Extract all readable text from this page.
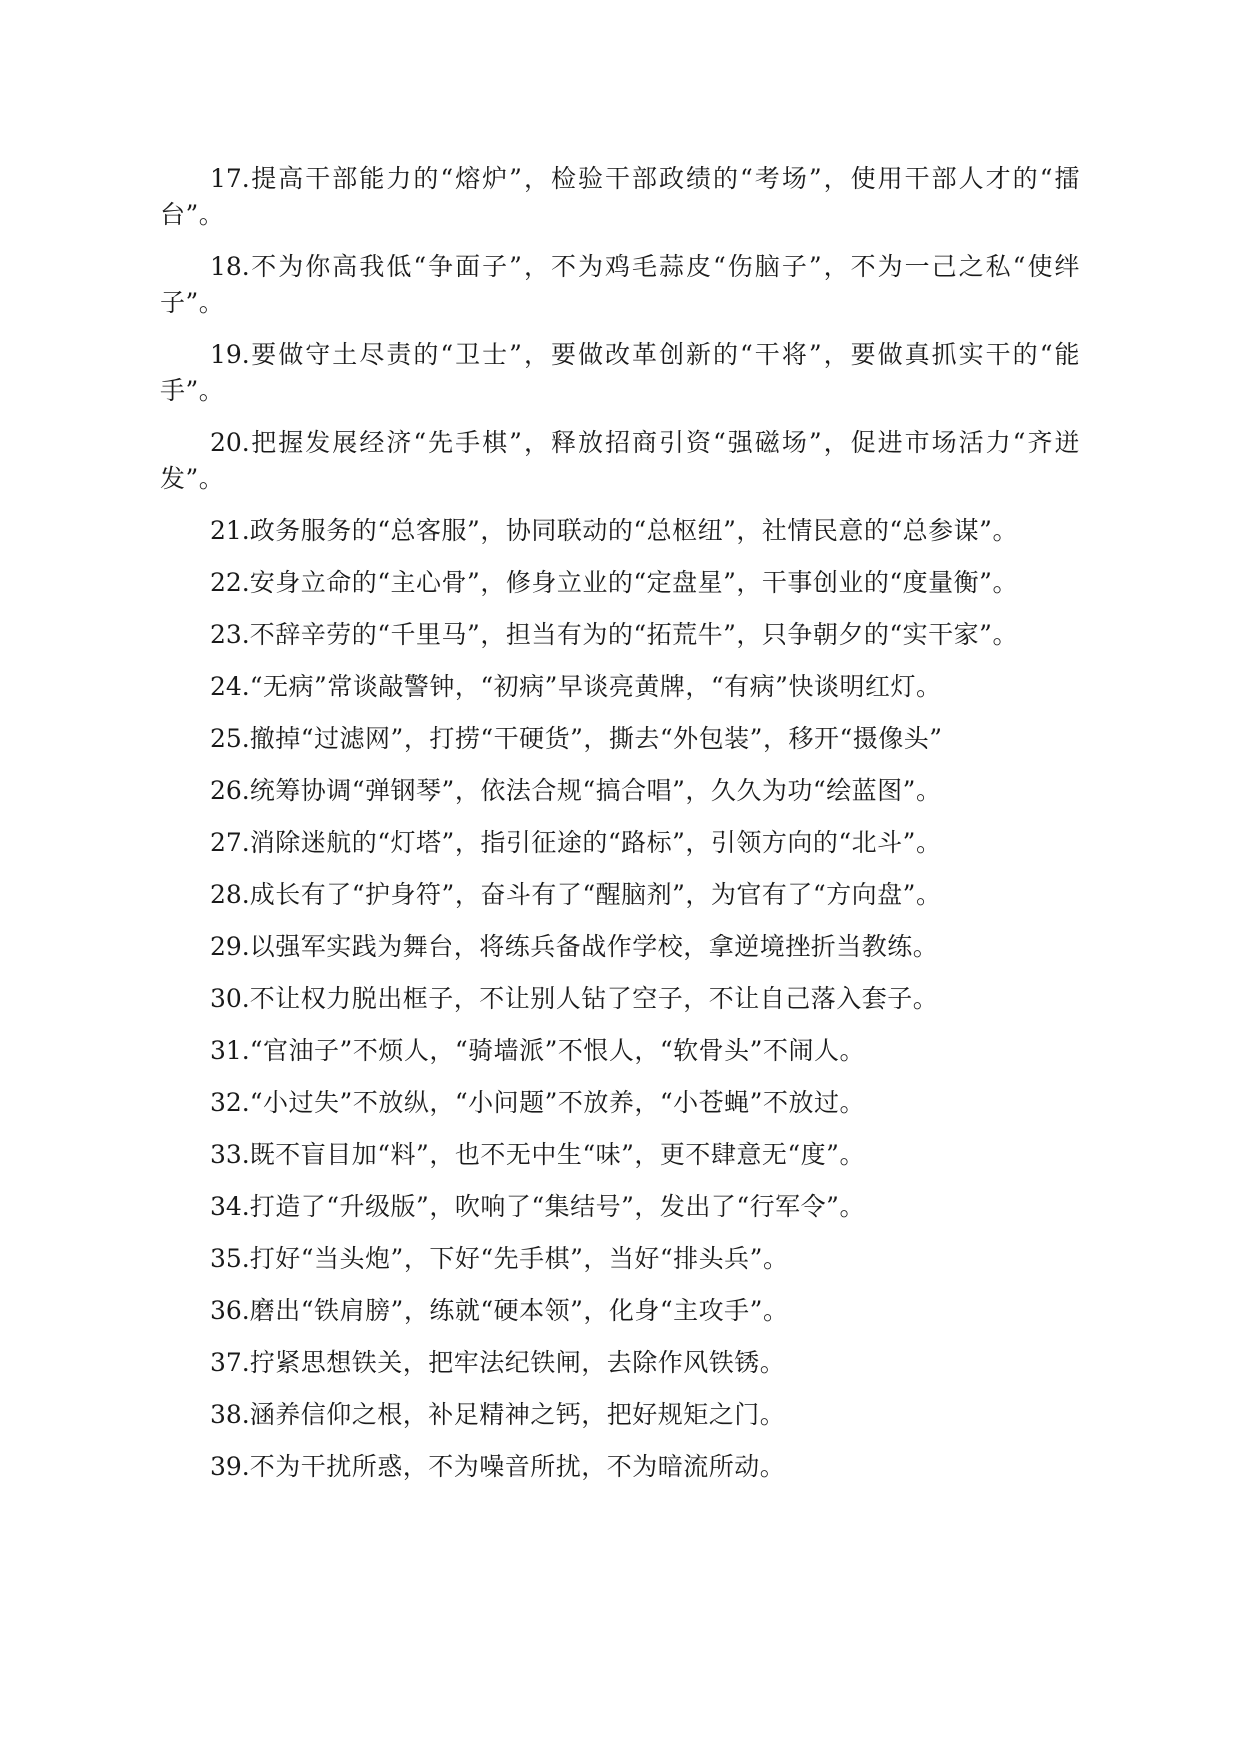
17.提高干部能力的“熔炉”，检验干部政绩的“考场”，使用干部人才的“擂台”。

18.不为你高我低“争面子”，不为鸡毛蒜皮“伤脑子”，不为一己之私“使绊子”。

19.要做守土尽责的“卫士”，要做改革创新的“干将”，要做真抓实干的“能手”。

20.把握发展经济“先手棋”，释放招商引资“强磁场”，促进市场活力“齐迸发”。

21.政务服务的“总客服”，协同联动的“总枢纽”，社情民意的“总参谋”。

22.安身立命的“主心骨”，修身立业的“定盘星”，干事创业的“度量衡”。

23.不辞辛劳的“千里马”，担当有为的“拓荒牛”，只争朝夕的“实干家”。

24.“无病”常谈敲警钟，“初病”早谈亮黄牌，“有病”快谈明红灯。

25.撤掉“过滤网”，打捞“干硬货”，撕去“外包装”，移开“摄像头”

26.统筹协调“弹钢琴”，依法合规“搞合唱”，久久为功“绘蓝图”。

27.消除迷航的“灯塔”，指引征途的“路标”，引领方向的“北斗”。

28.成长有了“护身符”，奋斗有了“醒脑剂”，为官有了“方向盘”。

29.以强军实践为舞台，将练兵备战作学校，拿逆境挫折当教练。

30.不让权力脱出框子，不让别人钻了空子，不让自己落入套子。

31.“官油子”不烦人，“骑墙派”不恨人，“软骨头”不闹人。

32.“小过失”不放纵，“小问题”不放养，“小苍蝇”不放过。

33.既不盲目加“料”，也不无中生“味”，更不肆意无“度”。

34.打造了“升级版”，吹响了“集结号”，发出了“行军令”。

35.打好“当头炮”，下好“先手棋”，当好“排头兵”。

36.磨出“铁肩膀”，练就“硬本领”，化身“主攻手”。

37.拧紧思想铁关，把牢法纪铁闸，去除作风铁锈。

38.涵养信仰之根，补足精神之钙，把好规矩之门。

39.不为干扰所惑，不为噪音所扰，不为暗流所动。
